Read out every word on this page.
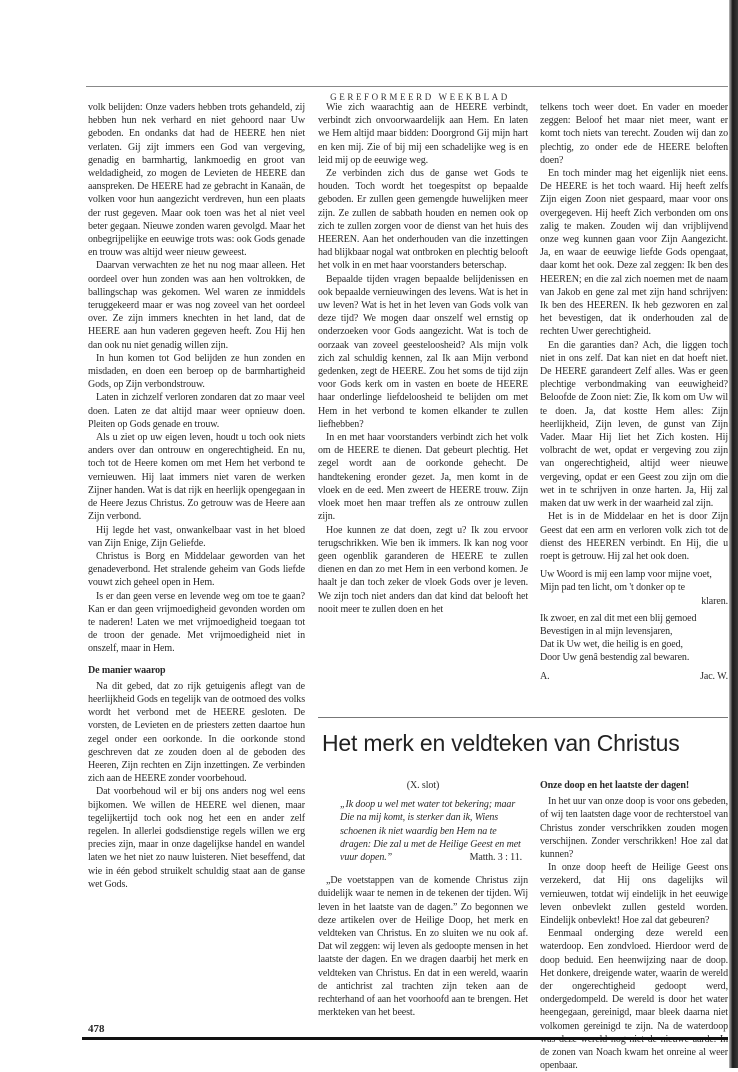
GEREFORMEERD WEEKBLAD

volk belijden: Onze vaders hebben trots gehandeld, zij hebben hun nek verhard en niet gehoord naar Uw geboden. En ondanks dat had de HEERE hen niet verlaten. Gij zijt immers een God van vergeving, genadig en barmhartig, lankmoedig en groot van weldadigheid, zo mogen de Levieten de HEERE dan aanspreken. De HEERE had ze gebracht in Kanaän, de volken voor hun aangezicht verdreven, hun een plaats der rust gegeven. Maar ook toen was het al niet veel beter gegaan. Nieuwe zonden waren gevolgd. Maar het onbegrijpelijke en eeuwige trots was: ook Gods genade en trouw was altijd weer nieuw geweest.

Daarvan verwachten ze het nu nog maar alleen. Het oordeel over hun zonden was aan hen voltrokken, de ballingschap was gekomen. Wel waren ze inmiddels teruggekeerd maar er was nog zoveel van het oordeel over. Ze zijn immers knechten in het land, dat de HEERE aan hun vaderen gegeven heeft. Zou Hij hen dan ook nu niet genadig willen zijn.

In hun komen tot God belijden ze hun zonden en misdaden, en doen een beroep op de barmhartigheid Gods, op Zijn verbondstrouw.

Laten in zichzelf verloren zondaren dat zo maar veel doen. Laten ze dat altijd maar weer opnieuw doen. Pleiten op Gods genade en trouw.

Als u ziet op uw eigen leven, houdt u toch ook niets anders over dan ontrouw en ongerechtigheid. En nu, toch tot de Heere komen om met Hem het verbond te vernieuwen. Hij laat immers niet varen de werken Zijner handen. Wat is dat rijk en heerlijk opengegaan in de Heere Jezus Christus. Zo getrouw was de Heere aan Zijn verbond.

Hij legde het vast, onwankelbaar vast in het bloed van Zijn Enige, Zijn Geliefde.

Christus is Borg en Middelaar geworden van het genadeverbond. Het stralende geheim van Gods liefde vouwt zich geheel open in Hem.

Is er dan geen verse en levende weg om toe te gaan? Kan er dan geen vrijmoedigheid gevonden worden om te naderen! Laten we met vrijmoedigheid toegaan tot de troon der genade. Met vrijmoedigheid niet in onszelf, maar in Hem.

De manier waarop

Na dit gebed, dat zo rijk getuigenis aflegt van de heerlijkheid Gods en tegelijk van de ootmoed des volks wordt het verbond met de HEERE gesloten. De vorsten, de Levieten en de priesters zetten daartoe hun zegel onder een oorkonde. In die oorkonde stond geschreven dat ze zouden doen al de geboden des Heeren, Zijn rechten en Zijn inzettingen. Ze verbinden zich aan de HEERE zonder voorbehoud.

Dat voorbehoud wil er bij ons anders nog wel eens bijkomen. We willen de HEERE wel dienen, maar tegelijkertijd toch ook nog het een en ander zelf regelen. In allerlei godsdienstige regels willen we erg precies zijn, maar in onze dagelijkse handel en wandel laten we het niet zo nauw luisteren. Niet beseffend, dat wie in één gebod struikelt schuldig staat aan de ganse wet Gods.

Wie zich waarachtig aan de HEERE verbindt, verbindt zich onvoorwaardelijk aan Hem. En laten we Hem altijd maar bidden: Doorgrond Gij mijn hart en ken mij. Zie of bij mij een schadelijke weg is en leid mij op de eeuwige weg.

Ze verbinden zich dus de ganse wet Gods te houden. Toch wordt het toegespitst op bepaalde geboden. Er zullen geen gemengde huwelijken meer zijn. Ze zullen de sabbath houden en nemen ook op zich te zullen zorgen voor de dienst van het huis des HEEREN. Aan het onderhouden van die inzettingen had blijkbaar nogal wat ontbroken en plechtig belooft het volk in en met haar voorstanders beterschap.

Bepaalde tijden vragen bepaalde belijdenissen en ook bepaalde vernieuwingen des levens. Wat is het in uw leven? Wat is het in het leven van Gods volk van deze tijd? We mogen daar onszelf wel ernstig op onderzoeken voor Gods aangezicht. Wat is toch de oorzaak van zoveel geesteloosheid? Als mijn volk zich zal schuldig kennen, zal Ik aan Mijn verbond gedenken, zegt de HEERE. Zou het soms de tijd zijn voor Gods kerk om in vasten en boete de HEERE haar onderlinge liefdeloosheid te belijden om met Hem in het verbond te komen elkander te zullen liefhebben?

In en met haar voorstanders verbindt zich het volk om de HEERE te dienen. Dat gebeurt plechtig. Het zegel wordt aan de oorkonde gehecht. De handtekening eronder gezet. Ja, men komt in de vloek en de eed. Men zweert de HEERE trouw. Zijn vloek moet hen maar treffen als ze ontrouw zullen zijn.

Hoe kunnen ze dat doen, zegt u? Ik zou ervoor terugschrikken. Wie ben ik immers. Ik kan nog voor geen ogenblik garanderen de HEERE te zullen dienen en dan zo met Hem in een verbond komen. Je haalt je dan toch zeker de vloek Gods over je leven. We zijn toch niet anders dan dat kind dat belooft het nooit meer te zullen doen en het

telkens toch weer doet. En vader en moeder zeggen: Beloof het maar niet meer, want er komt toch niets van terecht. Zouden wij dan zo plechtig, zo onder ede de HEERE beloften doen?

En toch minder mag het eigenlijk niet eens. De HEERE is het toch waard. Hij heeft zelfs Zijn eigen Zoon niet gespaard, maar voor ons overgegeven. Hij heeft Zich verbonden om ons zalig te maken. Zouden wij dan vrijblijvend onze weg kunnen gaan voor Zijn Aangezicht. Ja, en waar de eeuwige liefde Gods opengaat, daar komt het ook. Deze zal zeggen: Ik ben des HEEREN; en die zal zich noemen met de naam van Jakob en gene zal met zijn hand schrijven: Ik ben des HEEREN. Ik heb gezworen en zal het bevestigen, dat ik onderhouden zal de rechten Uwer gerechtigheid.

En die garanties dan? Ach, die liggen toch niet in ons zelf. Dat kan niet en dat hoeft niet. De HEERE garandeert Zelf alles. Was er geen plechtige verbondmaking van eeuwigheid? Beloofde de Zoon niet: Zie, Ik kom om Uw wil te doen. Ja, dat kostte Hem alles: Zijn heerlijkheid, Zijn leven, de gunst van Zijn Vader. Maar Hij liet het Zich kosten. Hij volbracht de wet, opdat er vergeving zou zijn van ongerechtigheid, altijd weer nieuwe vergeving, opdat er een Geest zou zijn om die wet in te schrijven in onze harten. Ja, Hij zal maken dat uw werk in der waarheid zal zijn.

Het is in de Middelaar en het is door Zijn Geest dat een arm en verloren volk zich tot de dienst des HEEREN verbindt. En Hij, die u roept is getrouw. Hij zal het ook doen.

Uw Woord is mij een lamp voor mijne voet,
Mijn pad ten licht, om 't donker op te
klaren.
Ik zwoer, en zal dit met een blij gemoed
Bevestigen in al mijn levensjaren,
Dat ik Uw wet, die heilig is en goed,
Door Uw genâ bestendig zal bewaren.
A.	Jac. W.
Het merk en veldteken van Christus
(X. slot)
„Ik doop u wel met water tot bekering; maar Die na mij komt, is sterker dan ik, Wiens schoenen ik niet waardig ben Hem na te dragen: Die zal u met de Heilige Geest en met vuur dopen.”	Matth. 3 : 11.

„De voetstappen van de komende Christus zijn duidelijk waar te nemen in de tekenen der tijden. Wij leven in het laatste van de dagen.” Zo begonnen we deze artikelen over de Heilige Doop, het merk en veldteken van Christus. En zo sluiten we nu ook af. Dat wil zeggen: wij leven als gedoopte mensen in het laatste der dagen. En we dragen daarbij het merk en veldteken van Christus. En dat in een wereld, waarin de antichrist zal trachten zijn teken aan de rechterhand of aan het voorhoofd aan te brengen. Het merkteken van het beest.

Onze doop en het laatste der dagen!

In het uur van onze doop is voor ons gebeden, of wij ten laatsten dage voor de rechterstoel van Christus zonder verschrikken zouden mogen verschijnen. Zonder verschrikken! Hoe zal dat kunnen?

In onze doop heeft de Heilige Geest ons verzekerd, dat Hij ons dagelijks wil vernieuwen, totdat wij eindelijk in het eeuwige leven onbevlekt zullen gesteld worden. Eindelijk onbevlekt! Hoe zal dat gebeuren?

Eenmaal onderging deze wereld een waterdoop. Een zondvloed. Hierdoor werd de doop beduid. Een heenwijzing naar de doop. Het donkere, dreigende water, waarin de wereld der ongerechtigheid gedoopt werd, ondergedompeld. De wereld is door het water heengegaan, gereinigd, maar bleek daarna niet volkomen gereinigd te zijn. Na de waterdoop de zonen van Noach kwam het onreine al weer openbaar.

478
